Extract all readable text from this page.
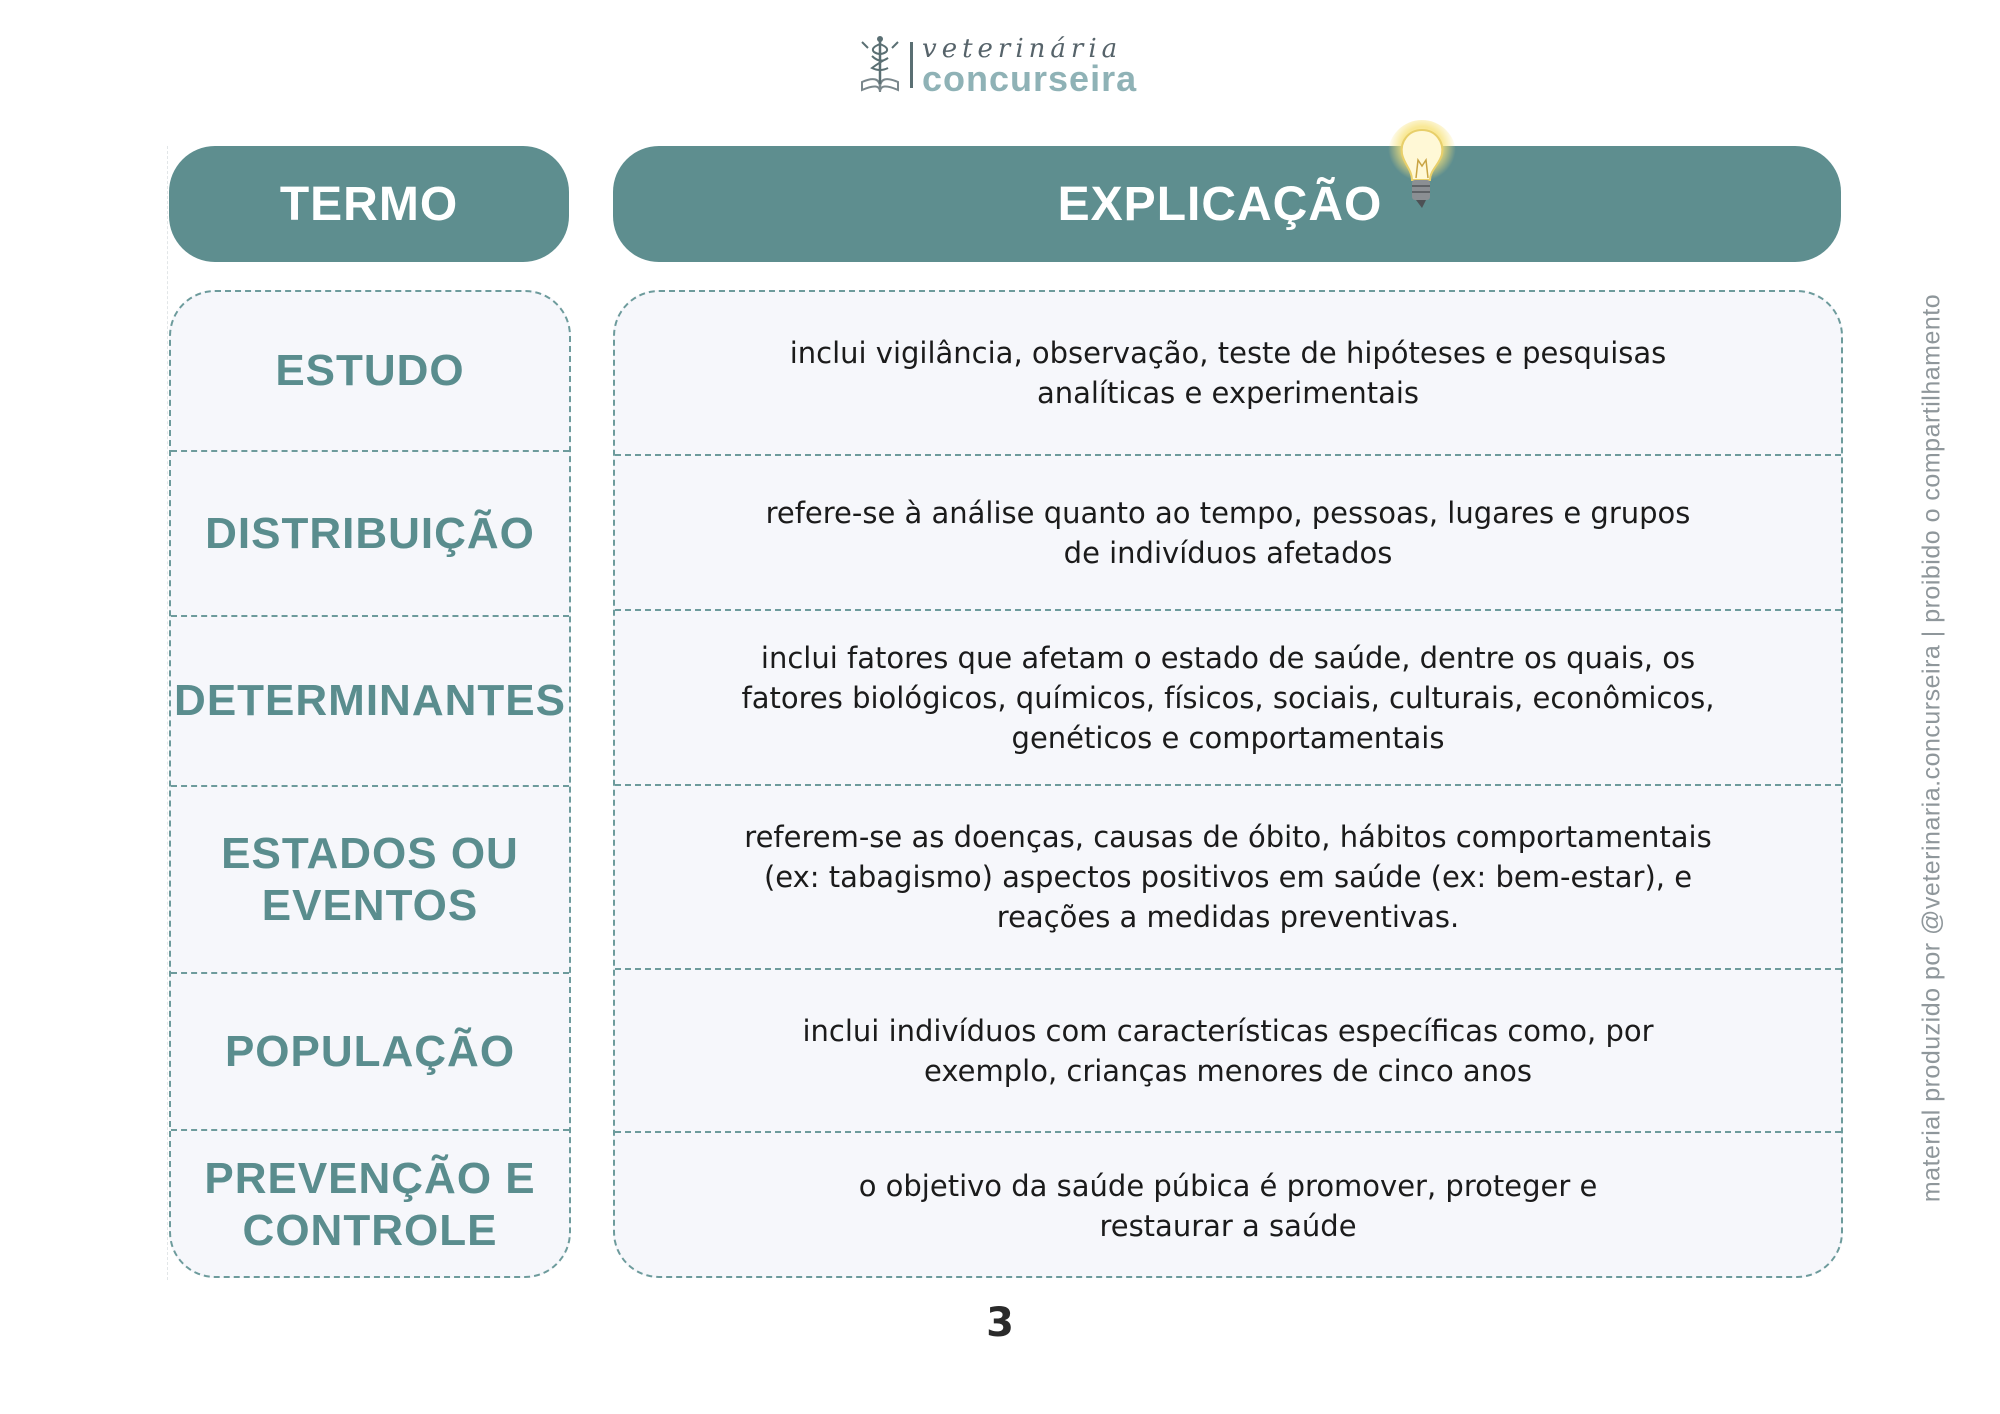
veterinária
concurseira
TERMO	EXPLICAÇÃO
ESTUDO
DISTRIBUIÇÃO
DETERMINANTES
ESTADOS OU
EVENTOS
POPULAÇÃO
PREVENÇÃO E
CONTROLE
inclui vigilância, observação, teste de hipóteses e pesquisas
analíticas e experimentais
refere-se à análise quanto ao tempo, pessoas, lugares e grupos
de indivíduos afetados
inclui fatores que afetam o estado de saúde, dentre os quais, os
fatores biológicos, químicos, físicos, sociais, culturais, econômicos,
genéticos e comportamentais
referem-se as doenças, causas de óbito, hábitos comportamentais
(ex: tabagismo) aspectos positivos em saúde (ex: bem-estar), e
reações a medidas preventivas.
inclui indivíduos com características específicas como, por
exemplo, crianças menores de cinco anos
o objetivo da saúde púbica é promover, proteger e
restaurar a saúde
3
material produzido por @veterinaria.concurseira | proibido o compartilhamento
